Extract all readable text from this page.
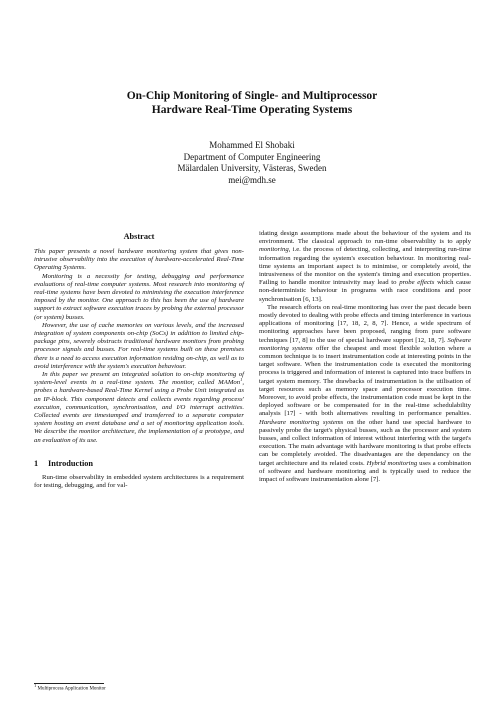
On-Chip Monitoring of Single- and Multiprocessor
Hardware Real-Time Operating Systems
Mohammed El Shobaki
Department of Computer Engineering
Mälardalen University, Västeras, Sweden
mei@mdh.se
Abstract

This paper presents a novel hardware monitoring system that gives non-intrusive observability into the execution of hardware-accelerated Real-Time Operating Systems.

Monitoring is a necessity for testing, debugging and performance evaluations of real-time computer systems. Most research into monitoring of real-time systems have been devoted to minimising the execution interference imposed by the monitor. One approach to this has been the use of hardware support to extract software execution traces by probing the external processor (or system) busses.

However, the use of cache memories on various levels, and the increased integration of system components on-chip (SoCs) in addition to limited chip-package pins, severely obstructs traditional hardware monitors from probing processor signals and busses. For real-time systems built on these premises there is a need to access execution information residing on-chip, as well as to avoid interference with the system's execution behaviour.

In this paper we present an integrated solution to on-chip monitoring of system-level events in a real-time system. The monitor, called MAMon$^1$, probes a hardware-based Real-Time Kernel using a Probe Unit integrated as an IP-block. This component detects and collects events regarding process' execution, communication, synchronisation, and I/O interrupt activities. Collected events are timestamped and transferred to a separate computer system hosting an event database and a set of monitoring application tools. We describe the monitor architecture, the implementation of a prototype, and an evaluation of its use.

1 Introduction

Run-time observability in embedded system architectures is a requirement for testing, debugging, and for val-

idating design assumptions made about the behaviour of the system and its environment. The classical approach to run-time observability is to apply monitoring, i.e. the process of detecting, collecting, and interpreting run-time information regarding the system's execution behaviour. In monitoring real-time systems an important aspect is to minimise, or completely avoid, the intrusiveness of the monitor on the system's timing and execution properties. Failing to handle monitor intrusivity may lead to probe effects which cause non-deterministic behaviour in programs with race conditions and poor synchronisation [6, 13].

The research efforts on real-time monitoring has over the past decade been mostly devoted to dealing with probe effects and timing interference in various applications of monitoring [17, 18, 2, 8, 7]. Hence, a wide spectrum of monitoring approaches have been proposed, ranging from pure software techniques [17, 8] to the use of special hardware support [12, 18, 7]. Software monitoring systems offer the cheapest and most flexible solution where a common technique is to insert instrumentation code at interesting points in the target software. When the instrumentation code is executed the monitoring process is triggered and information of interest is captured into trace buffers in target system memory. The drawbacks of instrumentation is the utilisation of target resources such as memory space and processor execution time. Moreover, to avoid probe effects, the instrumentation code must be kept in the deployed software or be compensated for in the real-time schedulability analysis [17] - with both alternatives resulting in performance penalties. Hardware monitoring systems on the other hand use special hardware to passively probe the target's physical busses, such as the processor and system busses, and collect information of interest without interfering with the target's execution. The main advantage with hardware monitoring is that probe effects can be completely avoided. The disadvantages are the dependancy on the target architecture and its related costs. Hybrid monitoring uses a combination of software and hardware monitoring and is typically used to reduce the impact of software instrumentation alone [7].

$^1$ Multiprocess Application Monitor
